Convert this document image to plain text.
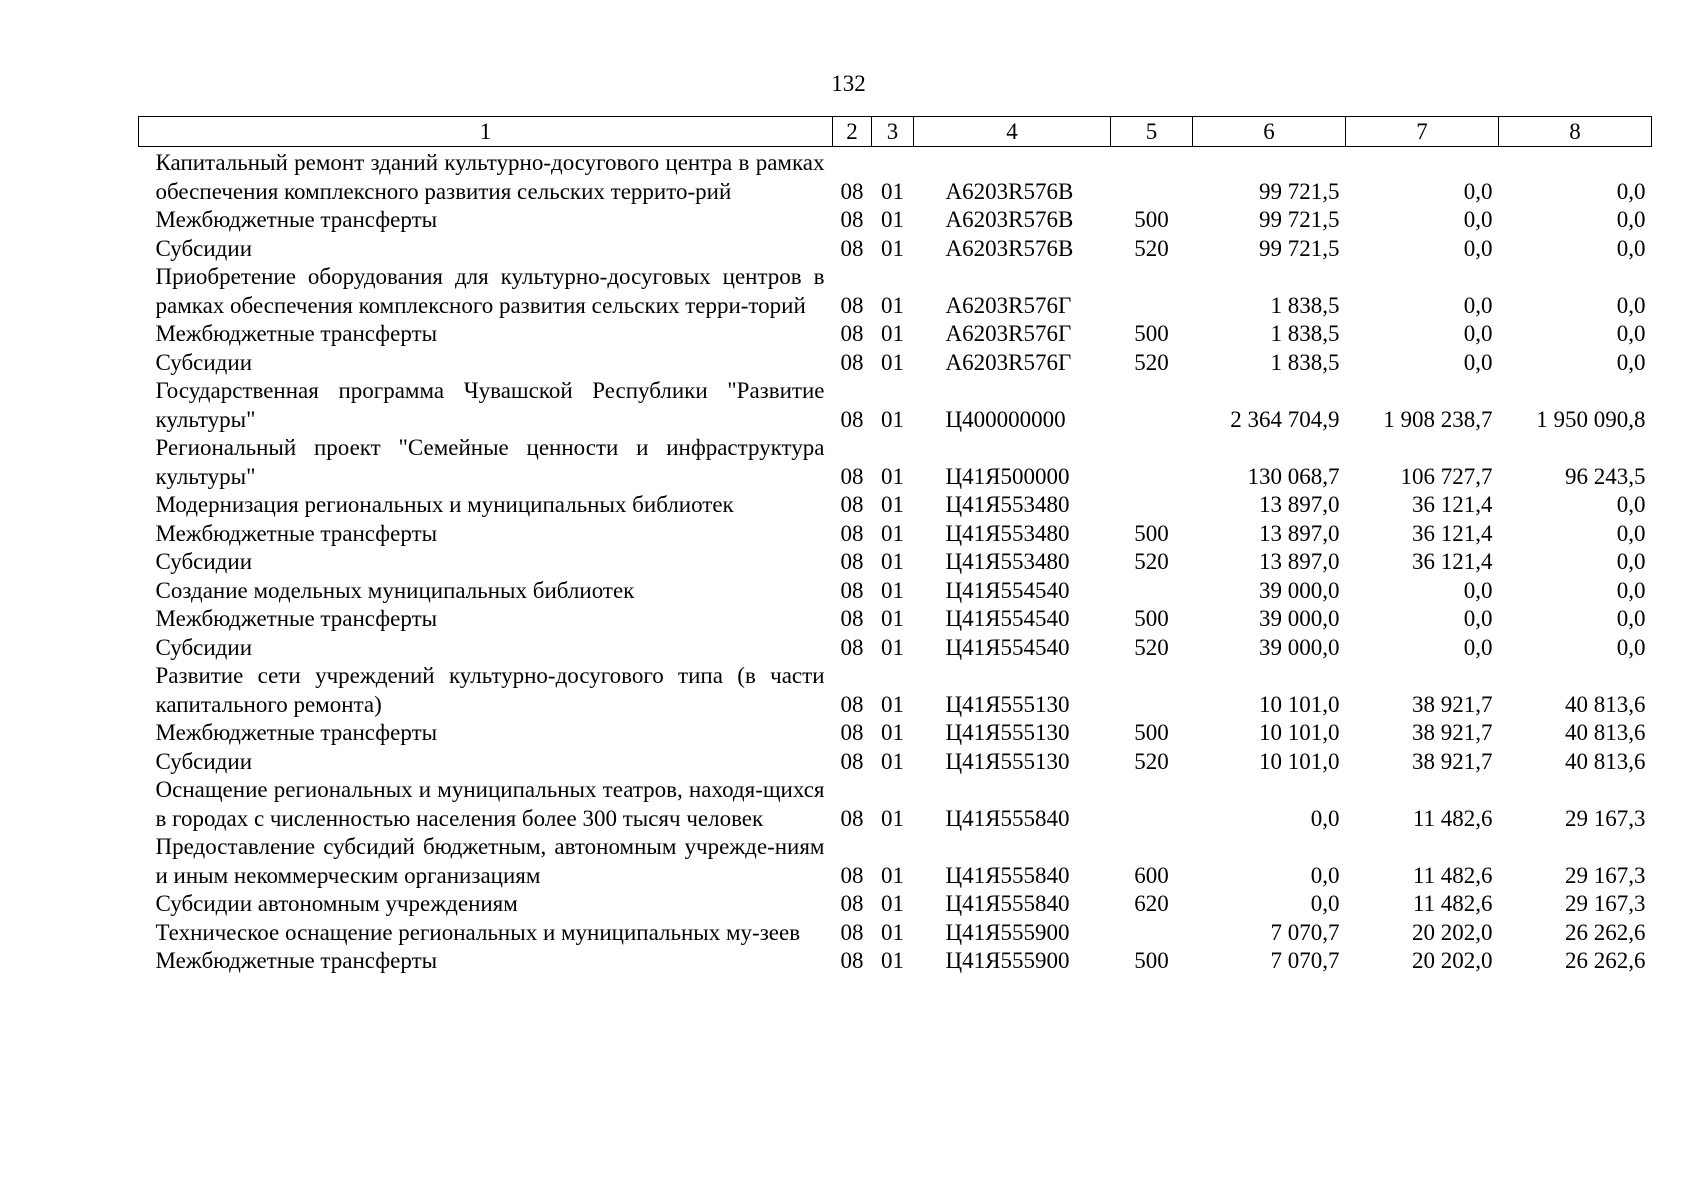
132
1	2	3	4	5	6	7	8
Капитальный ремонт зданий культурно-досугового центра в рамках обеспечения комплексного развития сельских террито-рий	08	01	А6203R576В		99 721,5	0,0	0,0
Межбюджетные трансферты	08	01	А6203R576В	500	99 721,5	0,0	0,0
Субсидии	08	01	А6203R576В	520	99 721,5	0,0	0,0
Приобретение оборудования для культурно-досуговых центров в рамках обеспечения комплексного развития сельских терри-торий	08	01	А6203R576Г		1 838,5	0,0	0,0
Межбюджетные трансферты	08	01	А6203R576Г	500	1 838,5	0,0	0,0
Субсидии	08	01	А6203R576Г	520	1 838,5	0,0	0,0
Государственная программа Чувашской Республики "Развитие культуры"	08	01	Ц400000000		2 364 704,9	1 908 238,7	1 950 090,8
Региональный проект "Семейные ценности и инфраструктура культуры"	08	01	Ц41Я500000		130 068,7	106 727,7	96 243,5
Модернизация региональных и муниципальных библиотек	08	01	Ц41Я553480		13 897,0	36 121,4	0,0
Межбюджетные трансферты	08	01	Ц41Я553480	500	13 897,0	36 121,4	0,0
Субсидии	08	01	Ц41Я553480	520	13 897,0	36 121,4	0,0
Создание модельных муниципальных библиотек	08	01	Ц41Я554540		39 000,0	0,0	0,0
Межбюджетные трансферты	08	01	Ц41Я554540	500	39 000,0	0,0	0,0
Субсидии	08	01	Ц41Я554540	520	39 000,0	0,0	0,0
Развитие сети учреждений культурно-досугового типа (в части капитального ремонта)	08	01	Ц41Я555130		10 101,0	38 921,7	40 813,6
Межбюджетные трансферты	08	01	Ц41Я555130	500	10 101,0	38 921,7	40 813,6
Субсидии	08	01	Ц41Я555130	520	10 101,0	38 921,7	40 813,6
Оснащение региональных и муниципальных театров, находя-щихся в городах с численностью населения более 300 тысяч человек	08	01	Ц41Я555840		0,0	11 482,6	29 167,3
Предоставление субсидий бюджетным, автономным учрежде-ниям и иным некоммерческим организациям	08	01	Ц41Я555840	600	0,0	11 482,6	29 167,3
Субсидии автономным учреждениям	08	01	Ц41Я555840	620	0,0	11 482,6	29 167,3
Техническое оснащение региональных и муниципальных му-зеев	08	01	Ц41Я555900		7 070,7	20 202,0	26 262,6
Межбюджетные трансферты	08	01	Ц41Я555900	500	7 070,7	20 202,0	26 262,6
